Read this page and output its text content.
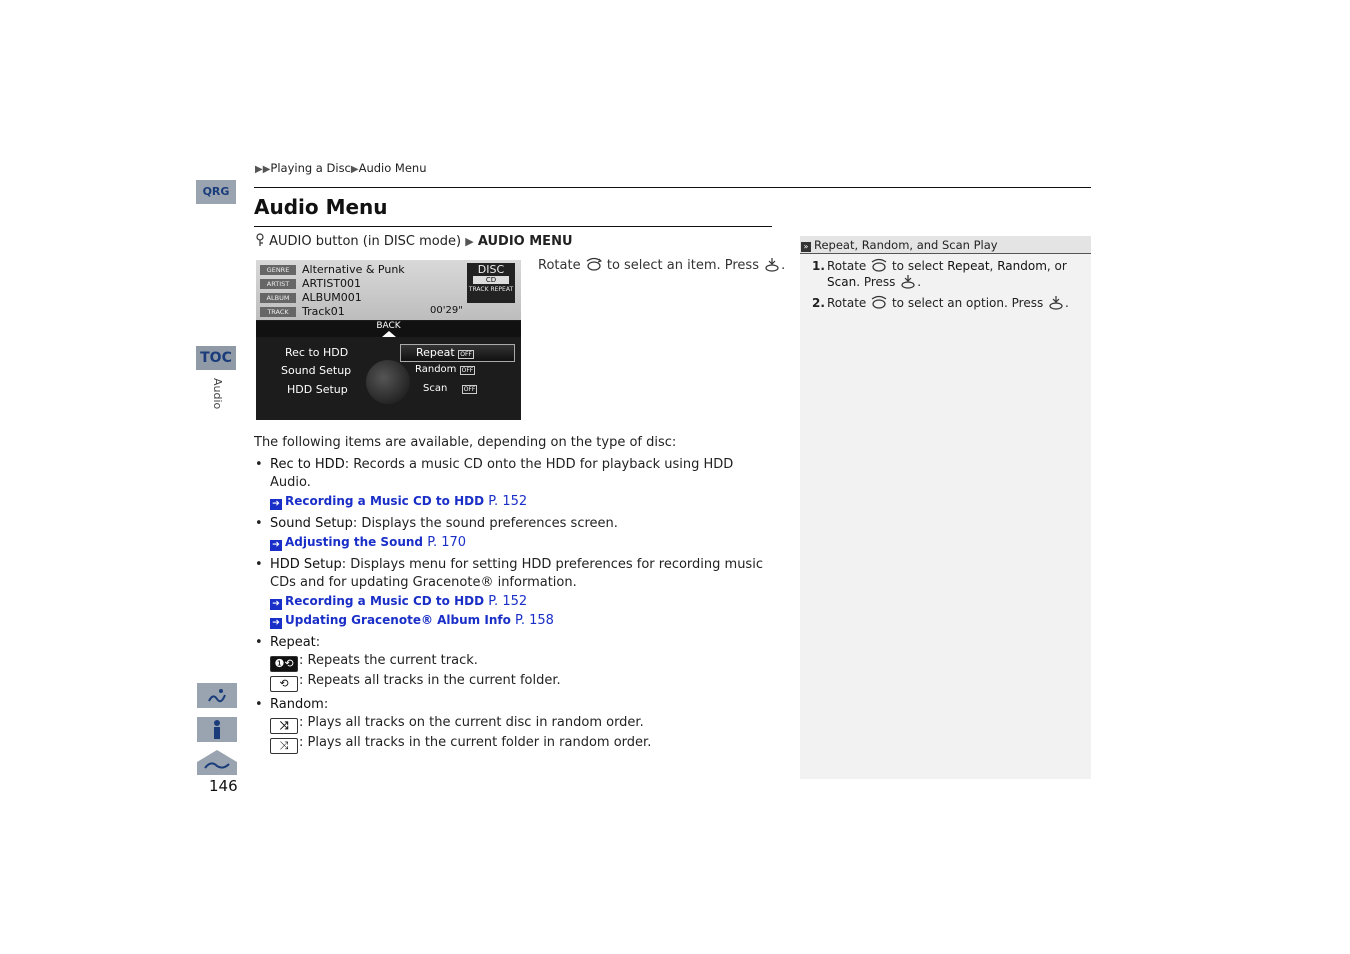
QRG
TOC
Audio
146
▶▶Playing a Disc▶Audio Menu
Audio Menu
AUDIO button (in DISC mode) ▶ AUDIO MENU
Rotate to select an item. Press .
GENRE Alternative & Punk
ARTIST ARTIST001
ALBUM ALBUM001
TRACK Track01
DISC
CD
TRACK REPEAT
00'29"
BACK
Rec to HDD
Sound Setup
HDD Setup
Repeat OFF
Random OFF
Scan	OFF

The following items are available, depending on the type of disc:

• Rec to HDD: Records a music CD onto the HDD for playback using HDD Audio.
➔ Recording a Music CD to HDD P. 152
• Sound Setup: Displays the sound preferences screen.
➔ Adjusting the Sound P. 170
• HDD Setup: Displays menu for setting HDD preferences for recording music CDs and for updating Gracenote® information.
➔ Recording a Music CD to HDD P. 152
➔ Updating Gracenote® Album Info P. 158
• Repeat:
❶⟲ : Repeats the current track.
⟲ : Repeats all tracks in the current folder.
• Random:
⤨ : Plays all tracks on the current disc in random order.
⤨ : Plays all tracks in the current folder in random order.
» Repeat, Random, and Scan Play
1. Rotate to select Repeat, Random, or Scan. Press .
2. Rotate to select an option. Press .
